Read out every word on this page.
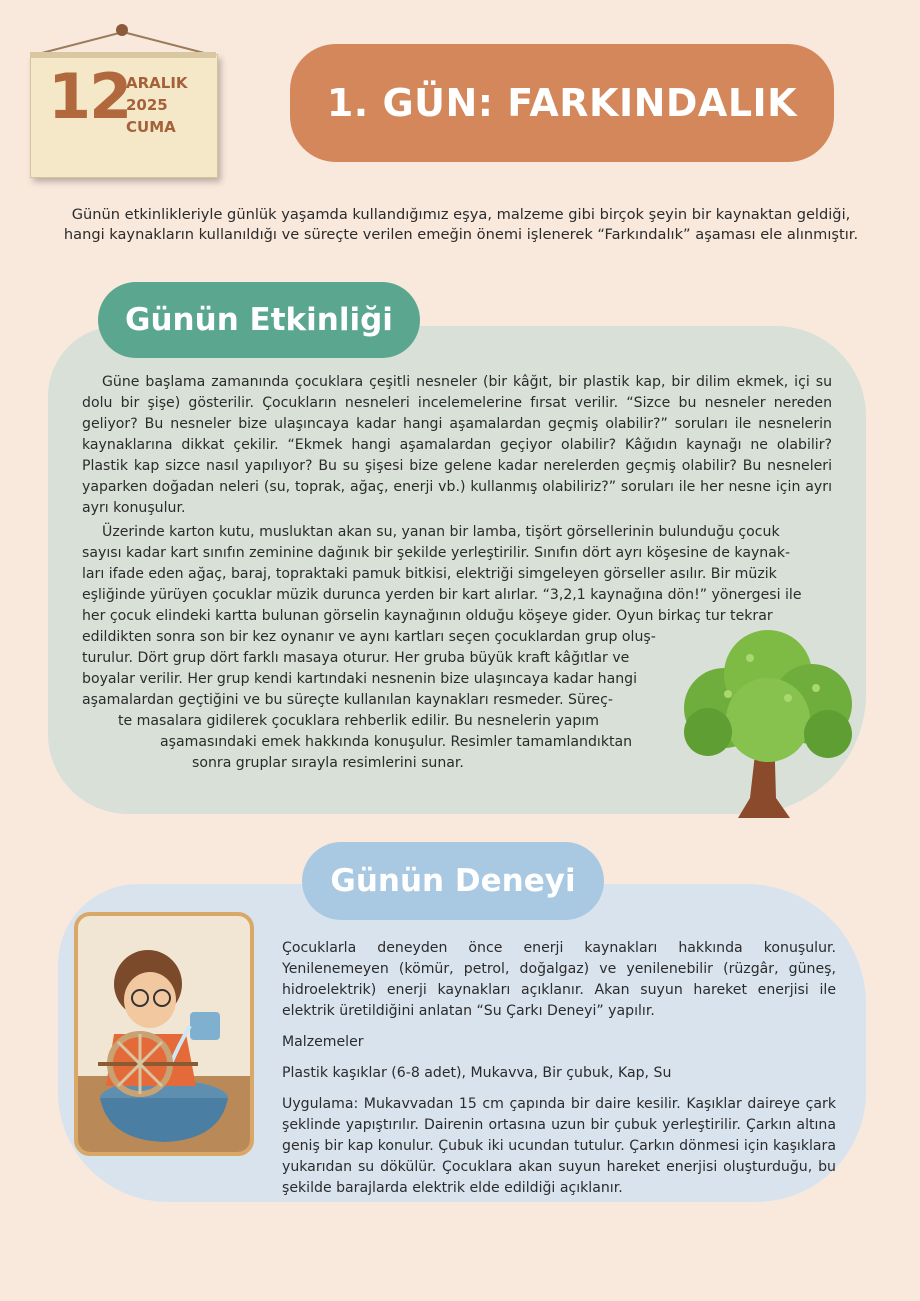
12
ARALIK
2025
CUMA
1. GÜN: FARKINDALIK
Günün etkinlikleriyle günlük yaşamda kullandığımız eşya, malzeme gibi birçok şeyin bir kaynaktan geldiği,
hangi kaynakların kullanıldığı ve süreçte verilen emeğin önemi işlenerek “Farkındalık” aşaması ele alınmıştır.
Günün Etkinliği

Güne başlama zamanında çocuklara çeşitli nesneler (bir kâğıt, bir plastik kap, bir dilim ekmek, içi su dolu bir şişe) gösterilir. Çocukların nesneleri incelemelerine fırsat verilir. “Sizce bu nesneler nereden geliyor? Bu nesneler bize ulaşıncaya kadar hangi aşamalardan geçmiş olabilir?” soruları ile nesnelerin kaynaklarına dikkat çekilir. “Ekmek hangi aşamalardan geçiyor olabilir? Kâğıdın kaynağı ne olabilir? Plastik kap sizce nasıl yapılıyor? Bu su şişesi bize gelene kadar nerelerden geçmiş olabilir? Bu nesneleri yaparken doğadan neleri (su, toprak, ağaç, enerji vb.) kullanmış olabiliriz?” soruları ile her nesne için ayrı ayrı konuşulur.

Üzerinde karton kutu, musluktan akan su, yanan bir lamba, tişört görsellerinin bulunduğu çocuk
sayısı kadar kart sınıfın zeminine dağınık bir şekilde yerleştirilir. Sınıfın dört ayrı köşesine de kaynak-
ları ifade eden ağaç, baraj, topraktaki pamuk bitkisi, elektriği simgeleyen görseller asılır. Bir müzik
eşliğinde yürüyen çocuklar müzik durunca yerden bir kart alırlar. “3,2,1 kaynağına dön!” yönergesi ile
her çocuk elindeki kartta bulunan görselin kaynağının olduğu köşeye gider. Oyun birkaç tur tekrar
edildikten sonra son bir kez oynanır ve aynı kartları seçen çocuklardan grup oluş-
turulur. Dört grup dört farklı masaya oturur. Her gruba büyük kraft kâğıtlar ve
boyalar verilir. Her grup kendi kartındaki nesnenin bize ulaşıncaya kadar hangi
aşamalardan geçtiğini ve bu süreçte kullanılan kaynakları resmeder. Süreç-
te masalara gidilerek çocuklara rehberlik edilir. Bu nesnelerin yapım
aşamasındaki emek hakkında konuşulur. Resimler tamamlandıktan
sonra gruplar sırayla resimlerini sunar.
Günün Deneyi

Çocuklarla deneyden önce enerji kaynakları hakkında konuşulur. Yenilenemeyen (kömür, petrol, doğalgaz) ve yenilenebilir (rüzgâr, güneş, hidroelektrik) enerji kaynakları açıklanır. Akan suyun hareket enerjisi ile elektrik üretildiğini anlatan “Su Çarkı Deneyi” yapılır.

Malzemeler

Plastik kaşıklar (6-8 adet), Mukavva, Bir çubuk, Kap, Su

Uygulama: Mukavvadan 15 cm çapında bir daire kesilir. Kaşıklar daireye çark şeklinde yapıştırılır. Dairenin ortasına uzun bir çubuk yerleştirilir. Çarkın altına geniş bir kap konulur. Çubuk iki ucundan tutulur. Çarkın dönmesi için kaşıklara yukarıdan su dökülür. Çocuklara akan suyun hareket enerjisi oluşturduğu, bu şekilde barajlarda elektrik elde edildiği açıklanır.
